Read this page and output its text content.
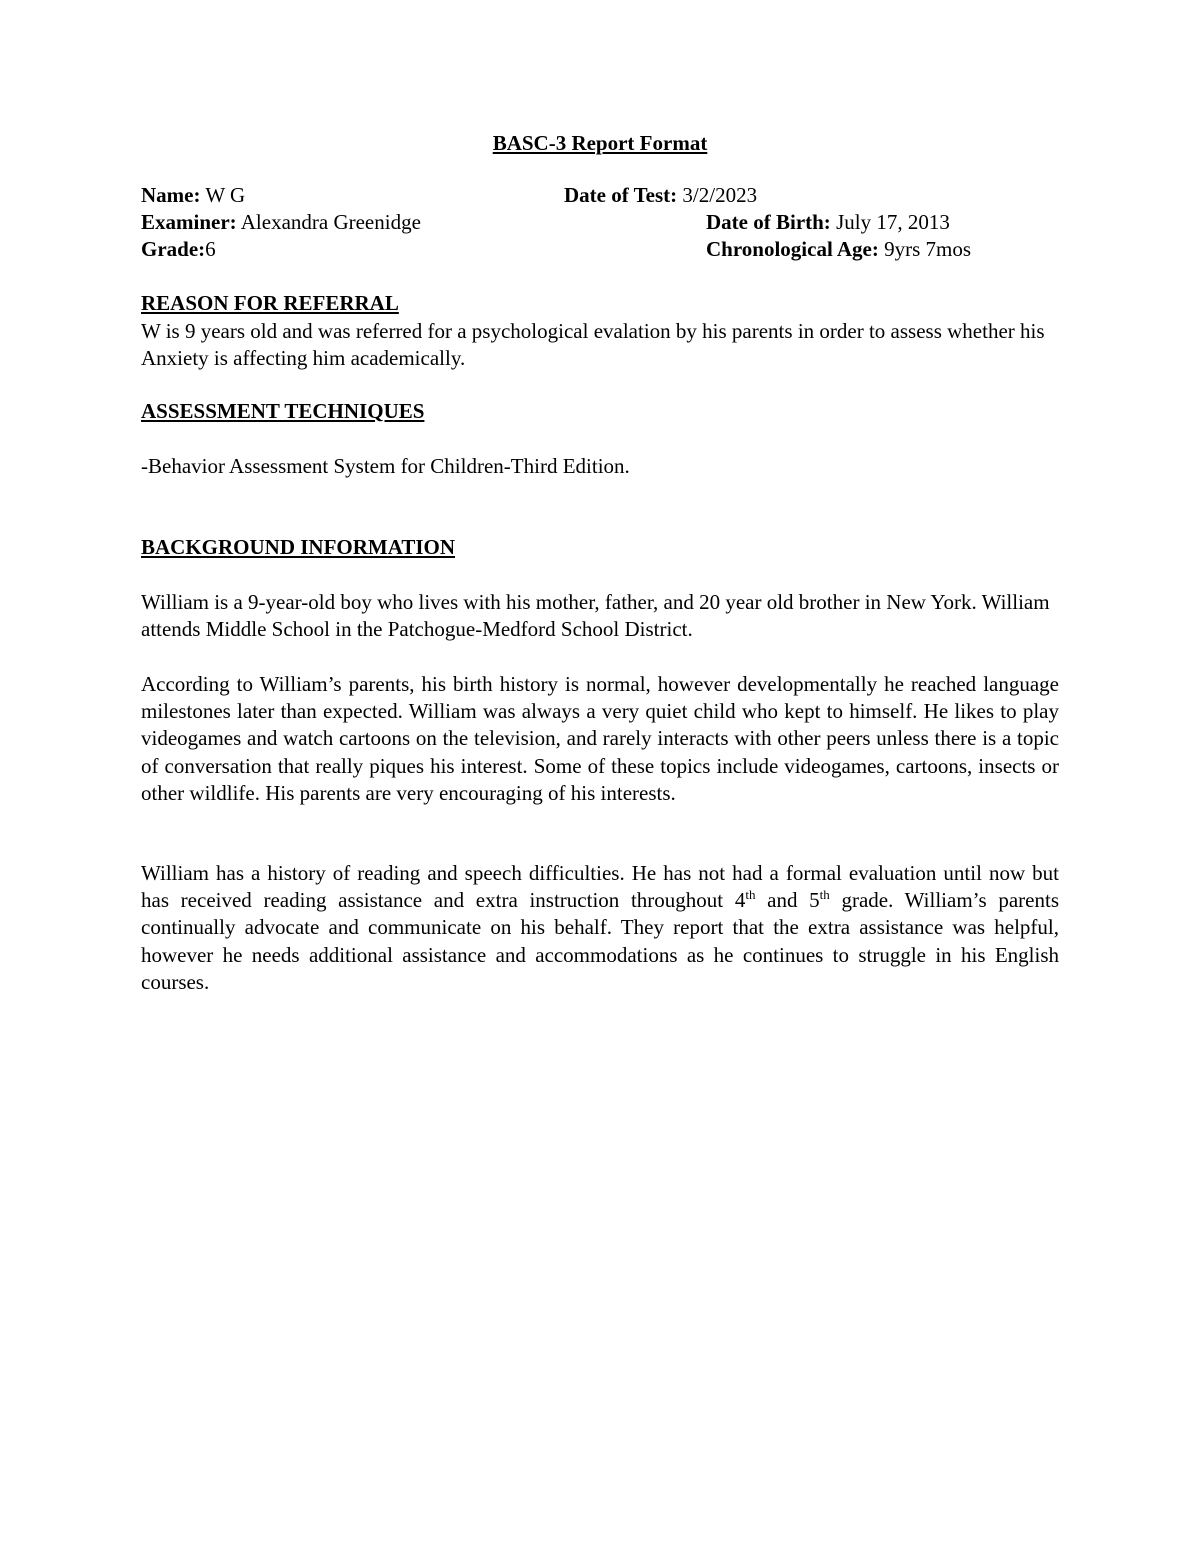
BASC-3 Report Format
Name: W G	Date of Test: 3/2/2023
Examiner: Alexandra Greenidge	Date of Birth: July 17, 2013
Grade:6	Chronological Age: 9yrs 7mos
REASON FOR REFERRAL

W is 9 years old and was referred for a psychological evalation by his parents in order to assess whether his Anxiety is affecting him academically.

ASSESSMENT TECHNIQUES

-Behavior Assessment System for Children-Third Edition.

BACKGROUND INFORMATION

William is a 9-year-old boy who lives with his mother, father, and 20 year old brother in New York. William attends Middle School in the Patchogue-Medford School District.

According to William’s parents, his birth history is normal, however developmentally he reached language milestones later than expected. William was always a very quiet child who kept to himself. He likes to play videogames and watch cartoons on the television, and rarely interacts with other peers unless there is a topic of conversation that really piques his interest. Some of these topics include videogames, cartoons, insects or other wildlife. His parents are very encouraging of his interests.

William has a history of reading and speech difficulties. He has not had a formal evaluation until now but has received reading assistance and extra instruction throughout 4th and 5th grade. William’s parents continually advocate and communicate on his behalf. They report that the extra assistance was helpful, however he needs additional assistance and accommodations as he continues to struggle in his English courses.
